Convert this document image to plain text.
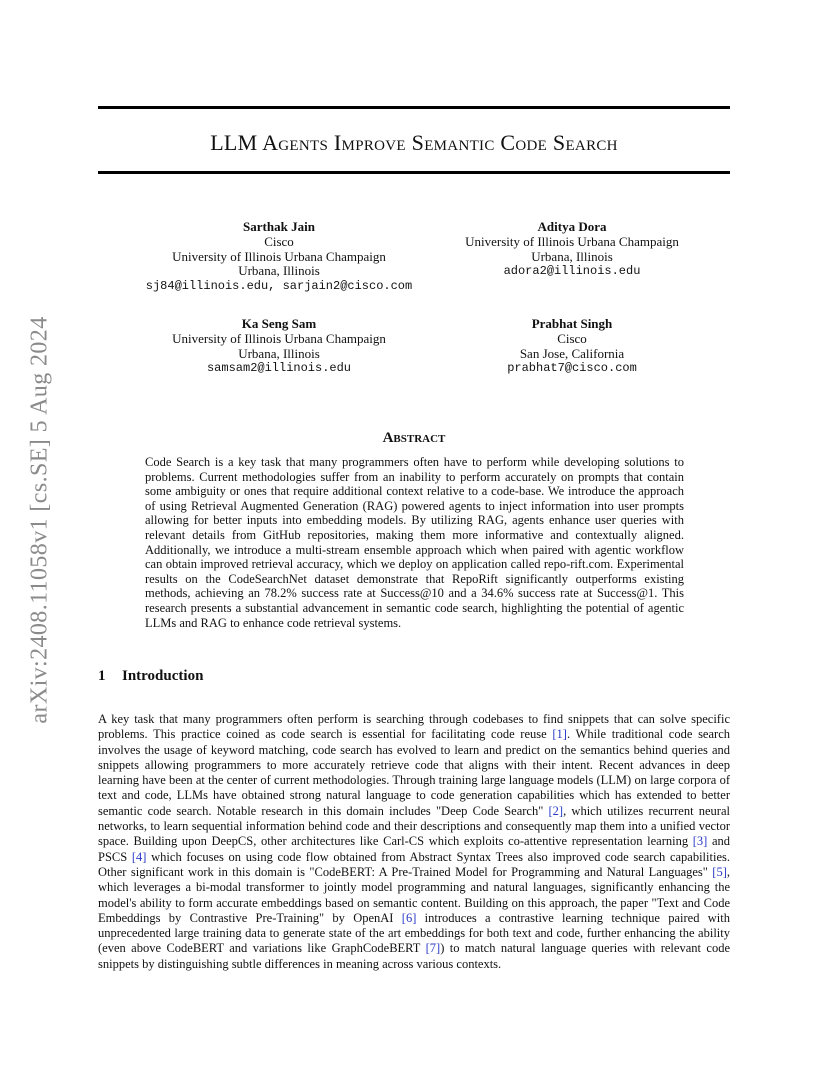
arXiv:2408.11058v1 [cs.SE] 5 Aug 2024
LLM Agents Improve Semantic Code Search
Sarthak Jain
Cisco
University of Illinois Urbana Champaign
Urbana, Illinois
sj84@illinois.edu, sarjain2@cisco.com
Aditya Dora
University of Illinois Urbana Champaign
Urbana, Illinois
adora2@illinois.edu
Ka Seng Sam
University of Illinois Urbana Champaign
Urbana, Illinois
samsam2@illinois.edu
Prabhat Singh
Cisco
San Jose, California
prabhat7@cisco.com
Abstract

Code Search is a key task that many programmers often have to perform while developing solutions to problems. Current methodologies suffer from an inability to perform accurately on prompts that contain some ambiguity or ones that require additional context relative to a code-base. We introduce the approach of using Retrieval Augmented Generation (RAG) powered agents to inject information into user prompts allowing for better inputs into embedding models. By utilizing RAG, agents enhance user queries with relevant details from GitHub repositories, making them more informative and contextually aligned. Additionally, we introduce a multi-stream ensemble approach which when paired with agentic workflow can obtain improved retrieval accuracy, which we deploy on application called repo-rift.com. Experimental results on the CodeSearchNet dataset demonstrate that RepoRift significantly outperforms existing methods, achieving an 78.2% success rate at Success@10 and a 34.6% success rate at Success@1. This research presents a substantial advancement in semantic code search, highlighting the potential of agentic LLMs and RAG to enhance code retrieval systems.

1 Introduction

A key task that many programmers often perform is searching through codebases to find snippets that can solve specific problems. This practice coined as code search is essential for facilitating code reuse [1]. While traditional code search involves the usage of keyword matching, code search has evolved to learn and predict on the semantics behind queries and snippets allowing programmers to more accurately retrieve code that aligns with their intent. Recent advances in deep learning have been at the center of current methodologies. Through training large language models (LLM) on large corpora of text and code, LLMs have obtained strong natural language to code generation capabilities which has extended to better semantic code search. Notable research in this domain includes "Deep Code Search" [2], which utilizes recurrent neural networks, to learn sequential information behind code and their descriptions and consequently map them into a unified vector space. Building upon DeepCS, other architectures like Carl-CS which exploits co-attentive representation learning [3] and PSCS [4] which focuses on using code flow obtained from Abstract Syntax Trees also improved code search capabilities. Other significant work in this domain is "CodeBERT: A Pre-Trained Model for Programming and Natural Languages" [5], which leverages a bi-modal transformer to jointly model programming and natural languages, significantly enhancing the model's ability to form accurate embeddings based on semantic content. Building on this approach, the paper "Text and Code Embeddings by Contrastive Pre-Training" by OpenAI [6] introduces a contrastive learning technique paired with unprecedented large training data to generate state of the art embeddings for both text and code, further enhancing the ability (even above CodeBERT and variations like GraphCodeBERT [7]) to match natural language queries with relevant code snippets by distinguishing subtle differences in meaning across various contexts.
